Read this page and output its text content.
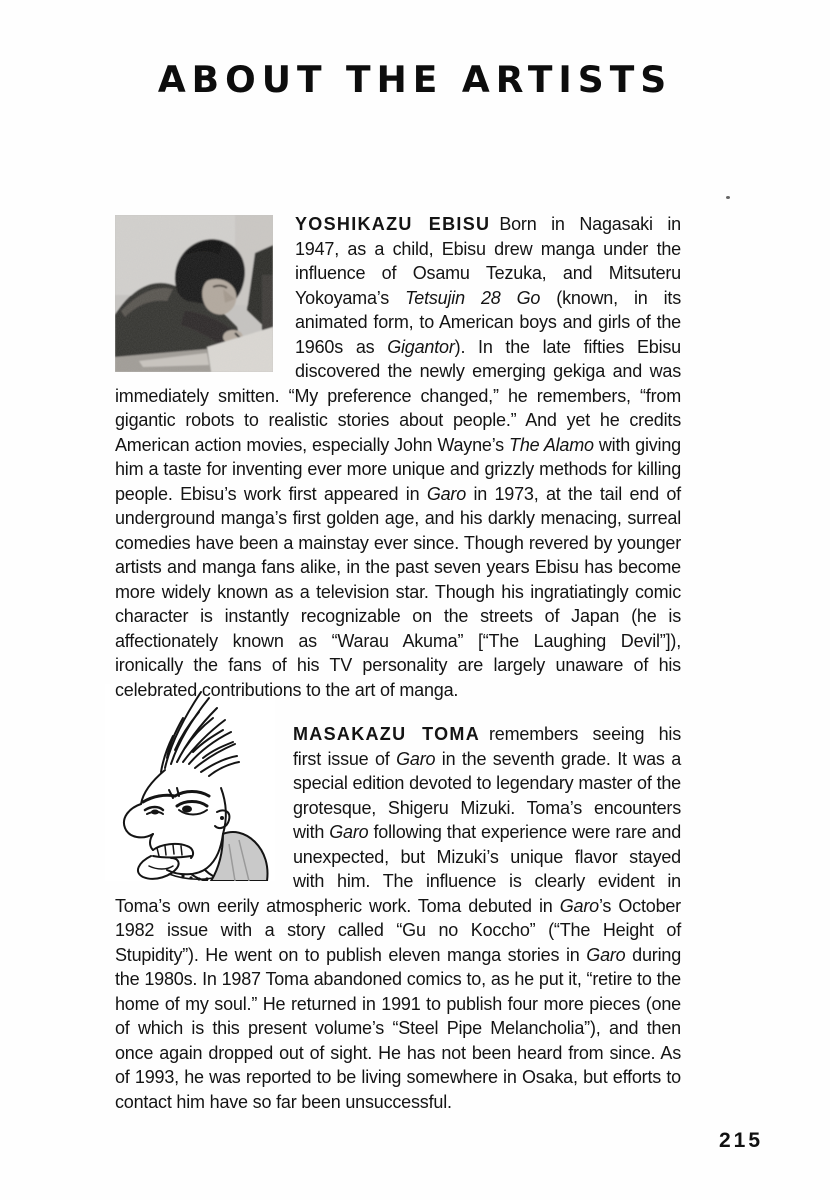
ABOUT THE ARTISTS

YOSHIKAZU EBISU Born in Nagasaki in 1947, as a child, Ebisu drew manga under the influence of Osamu Tezuka, and Mitsuteru Yokoyama’s Tetsujin 28 Go (known, in its animated form, to American boys and girls of the 1960s as Gigantor). In the late fifties Ebisu discovered the newly emerging gekiga and was immediately smitten. “My preference changed,” he remembers, “from gigantic robots to realistic stories about people.” And yet he credits American action movies, especially John Wayne’s The Alamo with giving him a taste for inventing ever more unique and grizzly methods for killing people. Ebisu’s work first appeared in Garo in 1973, at the tail end of underground manga’s first golden age, and his darkly menacing, surreal comedies have been a mainstay ever since. Though revered by younger artists and manga fans alike, in the past seven years Ebisu has become more widely known as a television star. Though his ingratiatingly comic character is instantly recognizable on the streets of Japan (he is affectionately known as “Warau Akuma” [“The Laughing Devil”]), ironically the fans of his TV personality are largely unaware of his celebrated contributions to the art of manga.

MASAKAZU TOMA remembers seeing his first issue of Garo in the seventh grade. It was a special edition devoted to legendary master of the grotesque, Shigeru Mizuki. Toma’s encounters with Garo following that experience were rare and unexpected, but Mizuki’s unique flavor stayed with him. The influence is clearly evident in Toma’s own eerily atmospheric work. Toma debuted in Garo’s October 1982 issue with a story called “Gu no Koccho” (“The Height of Stupidity”). He went on to publish eleven manga stories in Garo during the 1980s. In 1987 Toma abandoned comics to, as he put it, “retire to the home of my soul.” He returned in 1991 to publish four more pieces (one of which is this present volume’s “Steel Pipe Melancholia”), and then once again dropped out of sight. He has not been heard from since. As of 1993, he was reported to be living somewhere in Osaka, but efforts to contact him have so far been unsuccessful.

215
